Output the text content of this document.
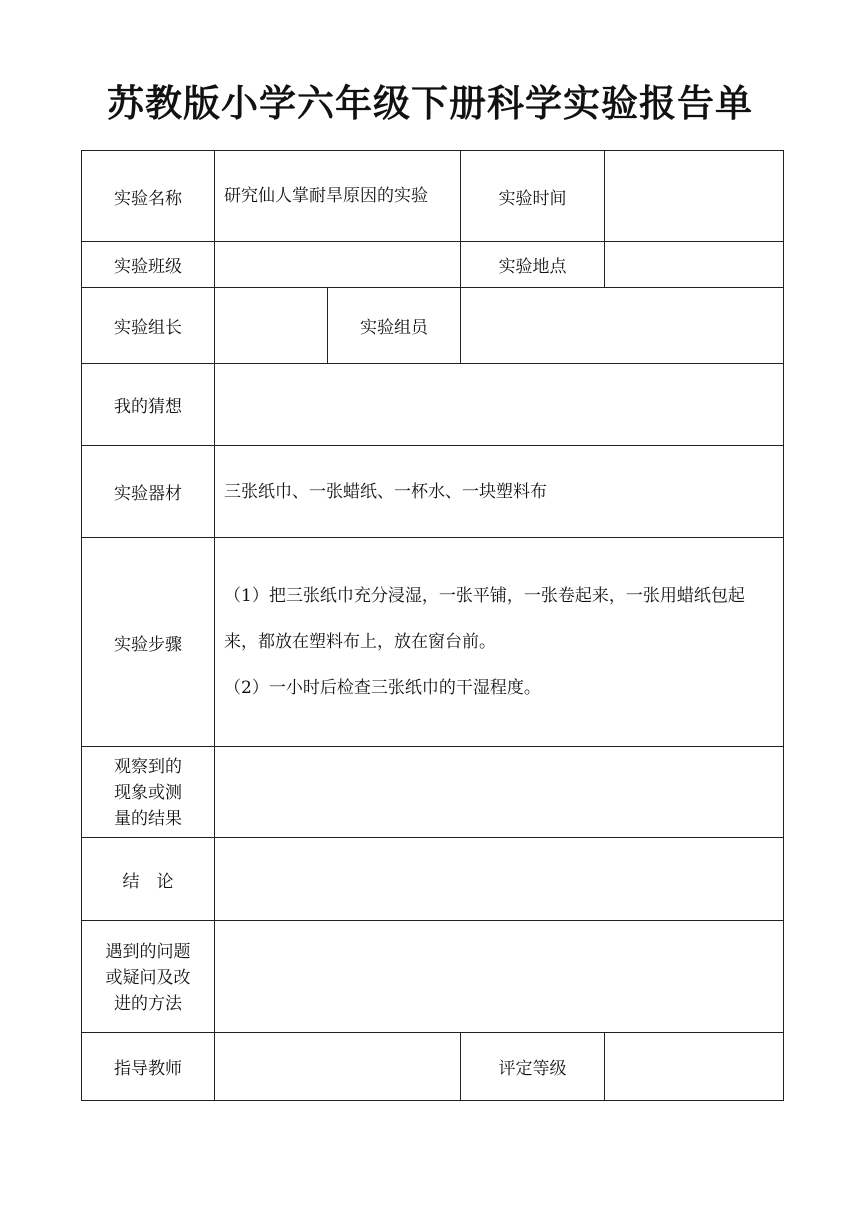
苏教版小学六年级下册科学实验报告单
实验名称	研究仙人掌耐旱原因的实验		实验时间	
实验班级			实验地点	
实验组长		实验组员		
我的猜想				
实验器材	三张纸巾、一张蜡纸、一杯水、一块塑料布			
实验步骤	（1）把三张纸巾充分浸湿，一张平铺，一张卷起来，一张用蜡纸包起来，都放在塑料布上，放在窗台前。

（2）一小时后检查三张纸巾的干湿程度。			

观察到的现象或测量的结果				

结　论				

遇到的问题或疑问及改进的方法				

指导教师			评定等级	
